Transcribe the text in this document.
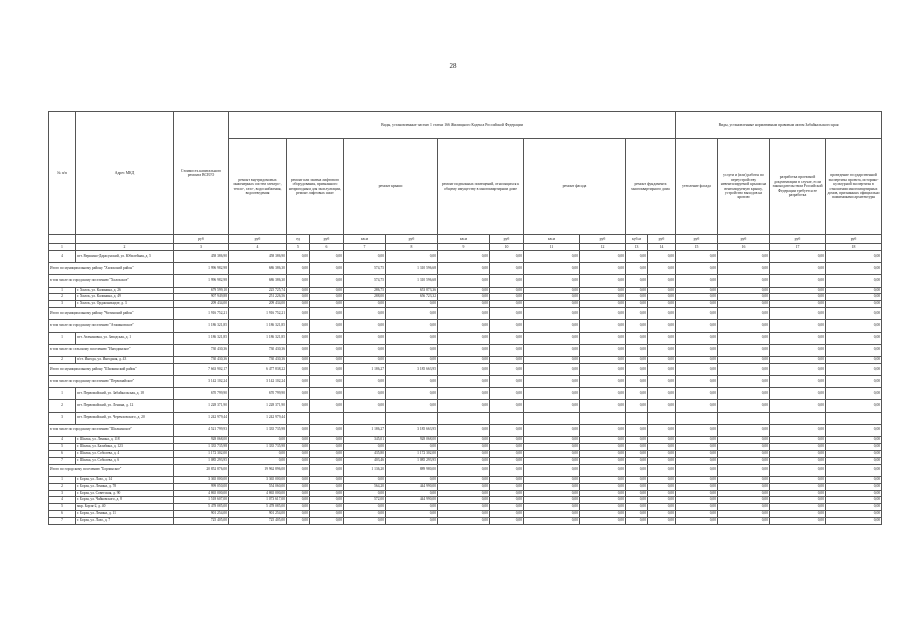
28
№ п/п	Адрес МКД	Стоимость капитального ремонта ВСЕГО	Виды, установленные частью 1 статьи 166 Жилищного Кодекса Российской Федерации											Виды, установленные нормативным правовым актом Забайкальского края				
			ремонт внутридомовых инженерных систем электро-, тепло-, газо-, водоснабжения, водоотведения	ремонт или замена лифтового оборудования, признанного непригодным для эксплуатации, ремонт лифтовых шахт		ремонт крыши		ремонт подвальных помещений, относящихся к общему имуществу в многоквартирном доме		ремонт фасада		ремонт фундамента многоквартирного дома		утепление фасада	услуги и (или) работы по переустройству невентилируемой крыши на вентилируемую крышу, устройство выходов на кровлю	разработка проектной документации в случае, если законодательством Российской Федерации требуется ее разработка	проведение государственной экспертизы проекта, историко-культурной экспертизы в отношении многоквартирных домов, признанных официально памятниками архитектуры	
		руб	руб	ед	руб	кв.м	руб	кв.м	руб	кв.м	руб	куб.м	руб	руб	руб	руб	руб	
1	2	3	4	5	6	7	8	9	10	11	12	13	14	15	16	17	18	
4	пгт. Вершино-Дарасунский, ул. Юбилейная, д. 5	458 386,90	458 386,90	0,00	0,00	0,00	0,00	0,00	0,00	0,00	0,00	0,00	0,00	0,00	0,00	0,00	0,00	
Итого по муниципальному району "Хилокский район"		1 996 982,98	686 386,30	0,00	0,00	574,75	1 310 596,68	0,00	0,00	0,00	0,00	0,00	0,00	0,00	0,00	0,00	0,00	
в том числе по городскому поселению "Хилокское"		1 996 982,98	686 386,30	0,00	0,00	574,75	1 310 596,68	0,00	0,00	0,00	0,00	0,00	0,00	0,00	0,00	0,00	0,00	
1	г. Хилок, ул. Калинина, д. 26	679 599,10	225 725,74	0,00	0,00	286,75	653 873,36	0,00	0,00	0,00	0,00	0,00	0,00	0,00	0,00	0,00	0,00	
2	г. Хилок, ул. Калинина, д. 49	907 949,88	251 226,56	0,00	0,00	288,00	656 723,32	0,00	0,00	0,00	0,00	0,00	0,00	0,00	0,00	0,00	0,00	
3	г. Хилок, ул. Орджоникидзе, д. 3	209 434,00	209 434,00	0,00	0,00	0,00	0,00	0,00	0,00	0,00	0,00	0,00	0,00	0,00	0,00	0,00	0,00	
Итого по муниципальному району "Читинский район"		1 916 752,21	1 916 752,21	0,00	0,00	0,00	0,00	0,00	0,00	0,00	0,00	0,00	0,00	0,00	0,00	0,00	0,00	
в том числе по городскому поселению "Атамановское"		1 186 321,85	1 186 321,85	0,00	0,00	0,00	0,00	0,00	0,00	0,00	0,00	0,00	0,00	0,00	0,00	0,00	0,00	
1	пгт. Атамановка, ул. Заводская, д. 1	1 186 321,85	1 186 321,85	0,00	0,00	0,00	0,00	0,00	0,00	0,00	0,00	0,00	0,00	0,00	0,00	0,00	0,00	
в том числе по сельскому поселению "Ингодинское"		730 430,36	730 430,36	0,00	0,00	0,00	0,00	0,00	0,00	0,00	0,00	0,00	0,00	0,00	0,00	0,00	0,00	
2	п/ст. Ингода, ул. Ингодная, д. 43	730 430,36	730 430,36	0,00	0,00	0,00	0,00	0,00	0,00	0,00	0,00	0,00	0,00	0,00	0,00	0,00	0,00	
Итого по муниципальному району "Шилкинский район"		7 663 902,17	6 477 838,22	0,00	0,00	1 186,27	3 185 663,95	0,00	0,00	0,00	0,00	0,00	0,00	0,00	0,00	0,00	0,00	
в том числе по городскому поселению "Первомайское"		3 142 102,24	3 142 102,24	0,00	0,00	0,00	0,00	0,00	0,00	0,00	0,00	0,00	0,00	0,00	0,00	0,00	0,00	
1	пгт. Первомайский, ул. Забайкальская, д. 18	670 799,90	670 799,90	0,00	0,00	0,00	0,00	0,00	0,00	0,00	0,00	0,00	0,00	0,00	0,00	0,00	0,00	
2	пгт. Первомайский, ул. Ленина, д. 12	1 228 371,90	1 228 371,90	0,00	0,00	0,00	0,00	0,00	0,00	0,00	0,00	0,00	0,00	0,00	0,00	0,00	0,00	
3	пгт. Первомайский, ул. Черемховского, д. 20	1 242 979,44	1 242 979,44															
в том числе по городскому поселению "Шилкинское"		4 521 799,93	1 335 735,98	0,00	0,00	1 186,27	3 185 663,95	0,00	0,00	0,00	0,00	0,00	0,00	0,00	0,00	0,00	0,00	
4	г. Шилка, ул. Ленина, д. 118	928 068,00	0,00	0,00	0,00	345,01	928 068,00	0,00	0,00	0,00	0,00	0,00	0,00	0,00	0,00	0,00	0,00	
5	г. Шилка, ул. Балябина, д. 123	1 335 735,98	1 335 735,98	0,00	0,00	0,00	0,00	0,00	0,00	0,00	0,00	0,00	0,00	0,00	0,00	0,00	0,00	
6	г. Шилка, ул. Соболева, д. 4	1 172 302,00	0,00	0,00	0,00	435,80	1 172 302,00	0,00	0,00	0,00	0,00	0,00	0,00	0,00	0,00	0,00	0,00	
7	г. Шилка, ул. Соболева, д. 6	1 085 293,95	0,00	0,00	0,00	403,46	1 085 293,95	0,00	0,00	0,00	0,00	0,00	0,00	0,00	0,00	0,00	0,00	
Итого по городскому поселению "Борзинское"		20 852 876,00	19 962 896,00	0,00	0,00	1 136,20	889 980,00	0,00	0,00	0,00	0,00	0,00	0,00	0,00	0,00	0,00	0,00	
1	г. Борзя, ул. Лазо, д. 14	3 365 000,00	3 365 000,00	0,00	0,00	0,00	0,00	0,00	0,00	0,00	0,00	0,00	0,00	0,00	0,00	0,00	0,00	
2	г. Борзя, ул. Ленина, д. 78	999 050,00	554 060,00	0,00	0,00	564,20	444 990,00	0,00	0,00	0,00	0,00	0,00	0,00	0,00	0,00	0,00	0,00	
3	г. Борзя, ул. Советская, д. 90	4 865 000,00	4 865 000,00	0,00	0,00	0,00	0,00	0,00	0,00	0,00	0,00	0,00	0,00	0,00	0,00	0,00	0,00	
4	г. Борзя, ул. Чайковского, д. 8	1 518 607,00	1 073 617,00	0,00	0,00	572,00	444 990,00	0,00	0,00	0,00	0,00	0,00	0,00	0,00	0,00	0,00	0,00	
5	мкр. Борзя-2, д. 40	5 478 085,00	5 478 085,00	0,00	0,00	0,00	0,00	0,00	0,00	0,00	0,00	0,00	0,00	0,00	0,00	0,00	0,00	
6	г. Борзя, ул. Ленина, д. 11	901 254,00	901 254,00	0,00	0,00	0,00	0,00	0,00	0,00	0,00	0,00	0,00	0,00	0,00	0,00	0,00	0,00	
7	г. Борзя, ул. Лазо, д. 7	725 405,00	725 405,00	0,00	0,00	0,00	0,00	0,00	0,00	0,00	0,00	0,00	0,00	0,00	0,00	0,00	0,00	
